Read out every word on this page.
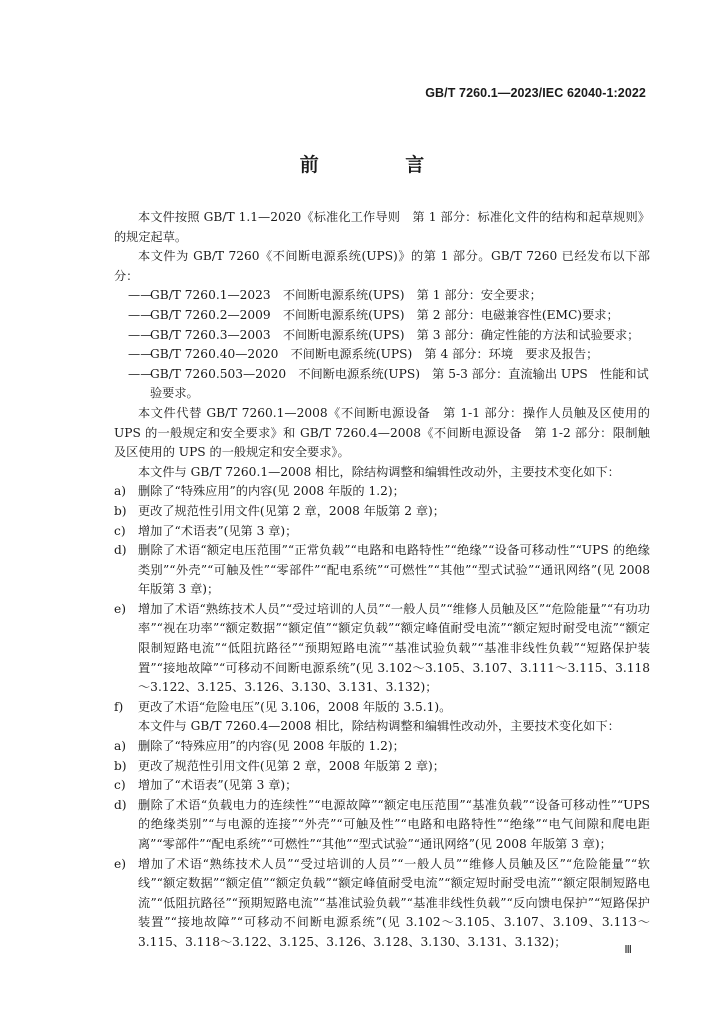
GB/T 7260.1—2023/IEC 62040-1:2022
前 言

本文件按照 GB/T 1.1—2020《标准化工作导则　第 1 部分：标准化文件的结构和起草规则》的规定起草。

本文件为 GB/T 7260《不间断电源系统(UPS)》的第 1 部分。GB/T 7260 已经发布以下部分：

——
GB/T 7260.1—2023　不间断电源系统(UPS)　第 1 部分：安全要求；

——
GB/T 7260.2—2009　不间断电源系统(UPS)　第 2 部分：电磁兼容性(EMC)要求；

——
GB/T 7260.3—2003　不间断电源系统(UPS)　第 3 部分：确定性能的方法和试验要求；

——
GB/T 7260.40—2020　不间断电源系统(UPS)　第 4 部分：环境　要求及报告；

——
GB/T 7260.503—2020　不间断电源系统(UPS)　第 5-3 部分：直流输出 UPS　性能和试验要求。

本文件代替 GB/T 7260.1—2008《不间断电源设备　第 1-1 部分：操作人员触及区使用的 UPS 的一般规定和安全要求》和 GB/T 7260.4—2008《不间断电源设备　第 1-2 部分：限制触及区使用的 UPS 的一般规定和安全要求》。

本文件与 GB/T 7260.1—2008 相比，除结构调整和编辑性改动外，主要技术变化如下：

a) 删除了“特殊应用”的内容(见 2008 年版的 1.2)；

b) 更改了规范性引用文件(见第 2 章，2008 年版第 2 章)；

c) 增加了“术语表”(见第 3 章)；

d) 删除了术语“额定电压范围”“正常负载”“电路和电路特性”“绝缘”“设备可移动性”“UPS 的绝缘类别”“外壳”“可触及性”“零部件”“配电系统”“可燃性”“其他”“型式试验”“通讯网络”(见 2008 年版第 3 章)；

e) 增加了术语“熟练技术人员”“受过培训的人员”“一般人员”“维修人员触及区”“危险能量”“有功功率”“视在功率”“额定数据”“额定值”“额定负载”“额定峰值耐受电流”“额定短时耐受电流”“额定限制短路电流”“低阻抗路径”“预期短路电流”“基准试验负载”“基准非线性负载”“短路保护装置”“接地故障”“可移动不间断电源系统”(见 3.102～3.105、3.107、3.111～3.115、3.118～3.122、3.125、3.126、3.130、3.131、3.132)；

f) 更改了术语“危险电压”(见 3.106，2008 年版的 3.5.1)。

本文件与 GB/T 7260.4—2008 相比，除结构调整和编辑性改动外，主要技术变化如下：

a) 删除了“特殊应用”的内容(见 2008 年版的 1.2)；

b) 更改了规范性引用文件(见第 2 章，2008 年版第 2 章)；

c) 增加了“术语表”(见第 3 章)；

d) 删除了术语“负载电力的连续性”“电源故障”“额定电压范围”“基准负载”“设备可移动性”“UPS 的绝缘类别”“与电源的连接”“外壳”“可触及性”“电路和电路特性”“绝缘”“电气间隙和爬电距离”“零部件”“配电系统”“可燃性”“其他”“型式试验”“通讯网络”(见 2008 年版第 3 章)；

e) 增加了术语“熟练技术人员”“受过培训的人员”“一般人员”“维修人员触及区”“危险能量”“软线”“额定数据”“额定值”“额定负载”“额定峰值耐受电流”“额定短时耐受电流”“额定限制短路电流”“低阻抗路径”“预期短路电流”“基准试验负载”“基准非线性负载”“反向馈电保护”“短路保护装置”“接地故障”“可移动不间断电源系统”(见 3.102～3.105、3.107、3.109、3.113～3.115、3.118～3.122、3.125、3.126、3.128、3.130、3.131、3.132)；

Ⅲ
